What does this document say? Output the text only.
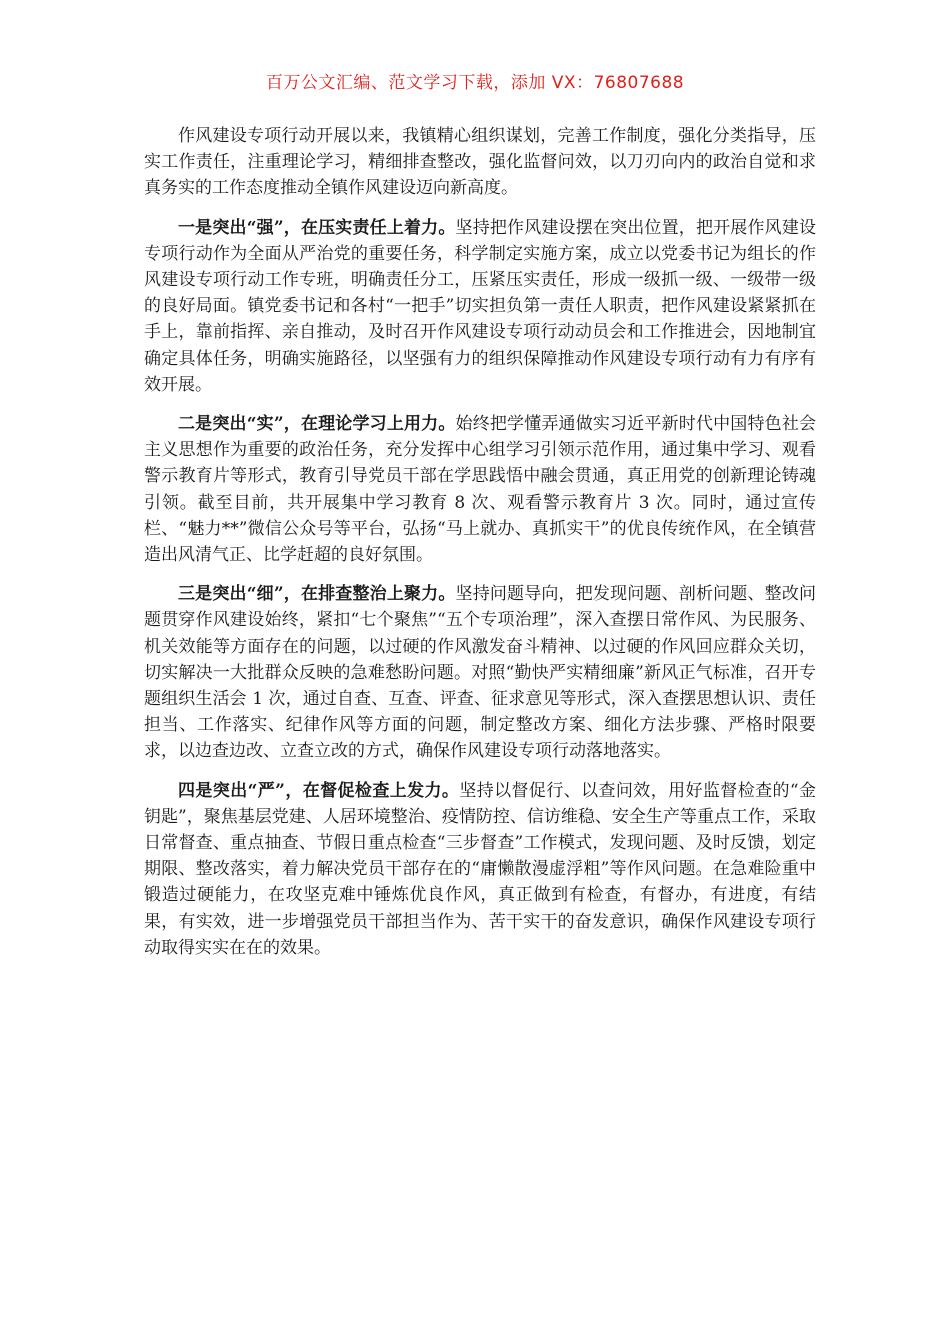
百万公文汇编、范文学习下载，添加 VX：76807688

作风建设专项行动开展以来，我镇精心组织谋划，完善工作制度，强化分类指导，压实工作责任，注重理论学习，精细排查整改，强化监督问效，以刀刃向内的政治自觉和求真务实的工作态度推动全镇作风建设迈向新高度。

一是突出“强”，在压实责任上着力。坚持把作风建设摆在突出位置，把开展作风建设专项行动作为全面从严治党的重要任务，科学制定实施方案，成立以党委书记为组长的作风建设专项行动工作专班，明确责任分工，压紧压实责任，形成一级抓一级、一级带一级的良好局面。镇党委书记和各村“一把手”切实担负第一责任人职责，把作风建设紧紧抓在手上，靠前指挥、亲自推动，及时召开作风建设专项行动动员会和工作推进会，因地制宜确定具体任务，明确实施路径，以坚强有力的组织保障推动作风建设专项行动有力有序有效开展。

二是突出“实”，在理论学习上用力。始终把学懂弄通做实习近平新时代中国特色社会主义思想作为重要的政治任务，充分发挥中心组学习引领示范作用，通过集中学习、观看警示教育片等形式，教育引导党员干部在学思践悟中融会贯通，真正用党的创新理论铸魂引领。截至目前，共开展集中学习教育 8 次、观看警示教育片 3 次。同时，通过宣传栏、“魅力**”微信公众号等平台，弘扬“马上就办、真抓实干”的优良传统作风，在全镇营造出风清气正、比学赶超的良好氛围。

三是突出“细”，在排查整治上聚力。坚持问题导向，把发现问题、剖析问题、整改问题贯穿作风建设始终，紧扣“七个聚焦”“五个专项治理”，深入查摆日常作风、为民服务、机关效能等方面存在的问题，以过硬的作风激发奋斗精神、以过硬的作风回应群众关切，切实解决一大批群众反映的急难愁盼问题。对照“勤快严实精细廉”新风正气标准，召开专题组织生活会 1 次，通过自查、互查、评查、征求意见等形式，深入查摆思想认识、责任担当、工作落实、纪律作风等方面的问题，制定整改方案、细化方法步骤、严格时限要求，以边查边改、立查立改的方式，确保作风建设专项行动落地落实。

四是突出“严”，在督促检查上发力。坚持以督促行、以查问效，用好监督检查的“金钥匙”，聚焦基层党建、人居环境整治、疫情防控、信访维稳、安全生产等重点工作，采取日常督查、重点抽查、节假日重点检查“三步督查”工作模式，发现问题、及时反馈，划定期限、整改落实，着力解决党员干部存在的“庸懒散漫虚浮粗”等作风问题。在急难险重中锻造过硬能力，在攻坚克难中锤炼优良作风，真正做到有检查，有督办，有进度，有结果，有实效，进一步增强党员干部担当作为、苦干实干的奋发意识，确保作风建设专项行动取得实实在在的效果。
